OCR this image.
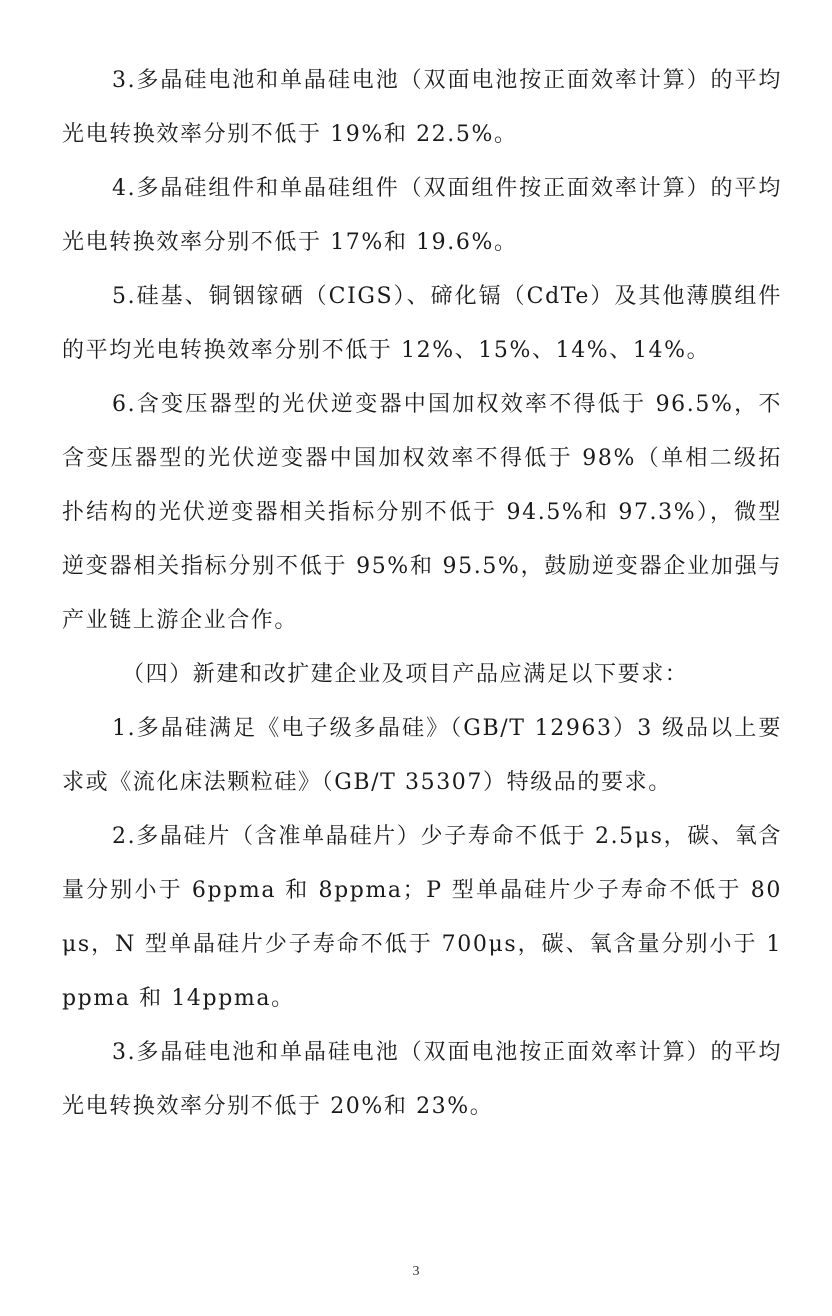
3.多晶硅电池和单晶硅电池（双面电池按正面效率计算）的平均光电转换效率分别不低于 19%和 22.5%。

4.多晶硅组件和单晶硅组件（双面组件按正面效率计算）的平均光电转换效率分别不低于 17%和 19.6%。

5.硅基、铜铟镓硒（CIGS）、碲化镉（CdTe）及其他薄膜组件的平均光电转换效率分别不低于 12%、15%、14%、14%。

6.含变压器型的光伏逆变器中国加权效率不得低于 96.5%，不含变压器型的光伏逆变器中国加权效率不得低于 98%（单相二级拓扑结构的光伏逆变器相关指标分别不低于 94.5%和 97.3%），微型逆变器相关指标分别不低于 95%和 95.5%，鼓励逆变器企业加强与产业链上游企业合作。

（四）新建和改扩建企业及项目产品应满足以下要求：

1.多晶硅满足《电子级多晶硅》（GB/T 12963）3 级品以上要求或《流化床法颗粒硅》（GB/T 35307）特级品的要求。

2.多晶硅片（含准单晶硅片）少子寿命不低于 2.5μs，碳、氧含量分别小于 6ppma 和 8ppma；P 型单晶硅片少子寿命不低于 80μs，N 型单晶硅片少子寿命不低于 700μs，碳、氧含量分别小于 1ppma 和 14ppma。

3.多晶硅电池和单晶硅电池（双面电池按正面效率计算）的平均光电转换效率分别不低于 20%和 23%。

3
